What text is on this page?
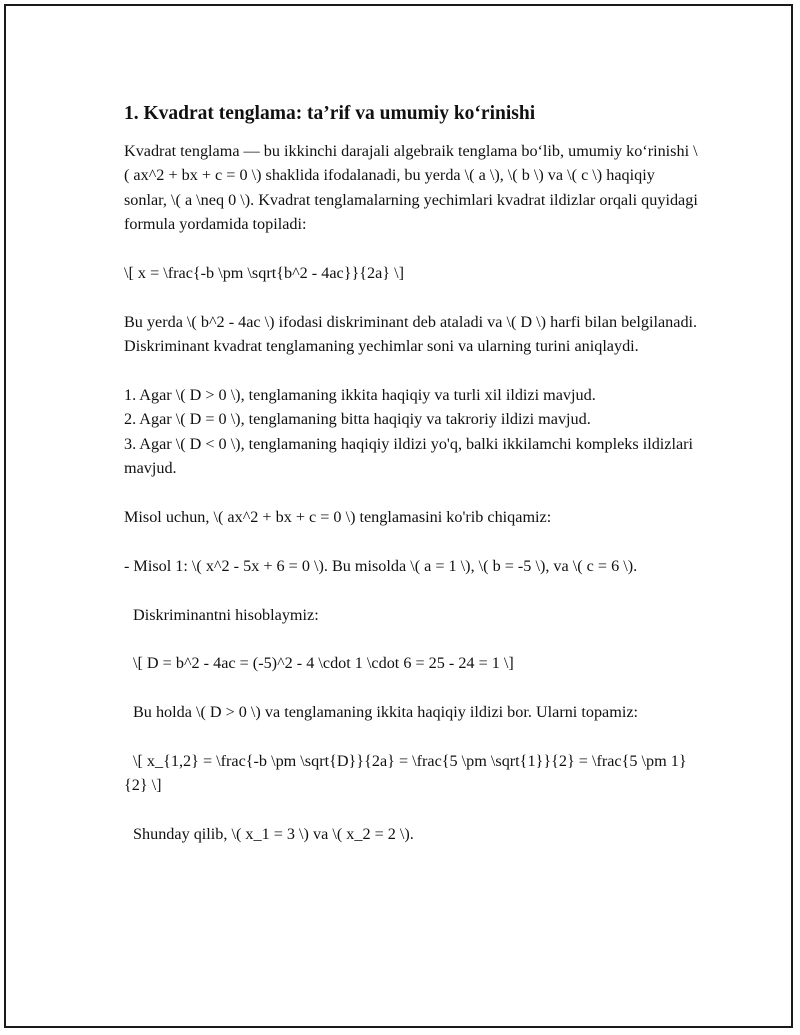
1. Kvadrat tenglama: ta’rif va umumiy ko‘rinishi

Kvadrat tenglama — bu ikkinchi darajali algebraik tenglama bo‘lib, umumiy ko‘rinishi \( ax^2 + bx + c = 0 \) shaklida ifodalanadi, bu yerda \( a \), \( b \) va \( c \) haqiqiy sonlar, \( a \neq 0 \). Kvadrat tenglamalarning yechimlari kvadrat ildizlar orqali quyidagi formula yordamida topiladi:

\[ x = \frac{-b \pm \sqrt{b^2 - 4ac}}{2a} \]

Bu yerda \( b^2 - 4ac \) ifodasi diskriminant deb ataladi va \( D \) harfi bilan belgilanadi. Diskriminant kvadrat tenglamaning yechimlar soni va ularning turini aniqlaydi.

1. Agar \( D > 0 \), tenglamaning ikkita haqiqiy va turli xil ildizi mavjud.

2. Agar \( D = 0 \), tenglamaning bitta haqiqiy va takroriy ildizi mavjud.

3. Agar \( D < 0 \), tenglamaning haqiqiy ildizi yo'q, balki ikkilamchi kompleks ildizlari mavjud.

Misol uchun, \( ax^2 + bx + c = 0 \) tenglamasini ko'rib chiqamiz:

- Misol 1: \( x^2 - 5x + 6 = 0 \). Bu misolda \( a = 1 \), \( b = -5 \), va \( c = 6 \).

Diskriminantni hisoblaymiz:

\[ D = b^2 - 4ac = (-5)^2 - 4 \cdot 1 \cdot 6 = 25 - 24 = 1 \]

Bu holda \( D > 0 \) va tenglamaning ikkita haqiqiy ildizi bor. Ularni topamiz:

\[ x_{1,2} = \frac{-b \pm \sqrt{D}}{2a} = \frac{5 \pm \sqrt{1}}{2} = \frac{5 \pm 1}{2} \]

Shunday qilib, \( x_1 = 3 \) va \( x_2 = 2 \).
